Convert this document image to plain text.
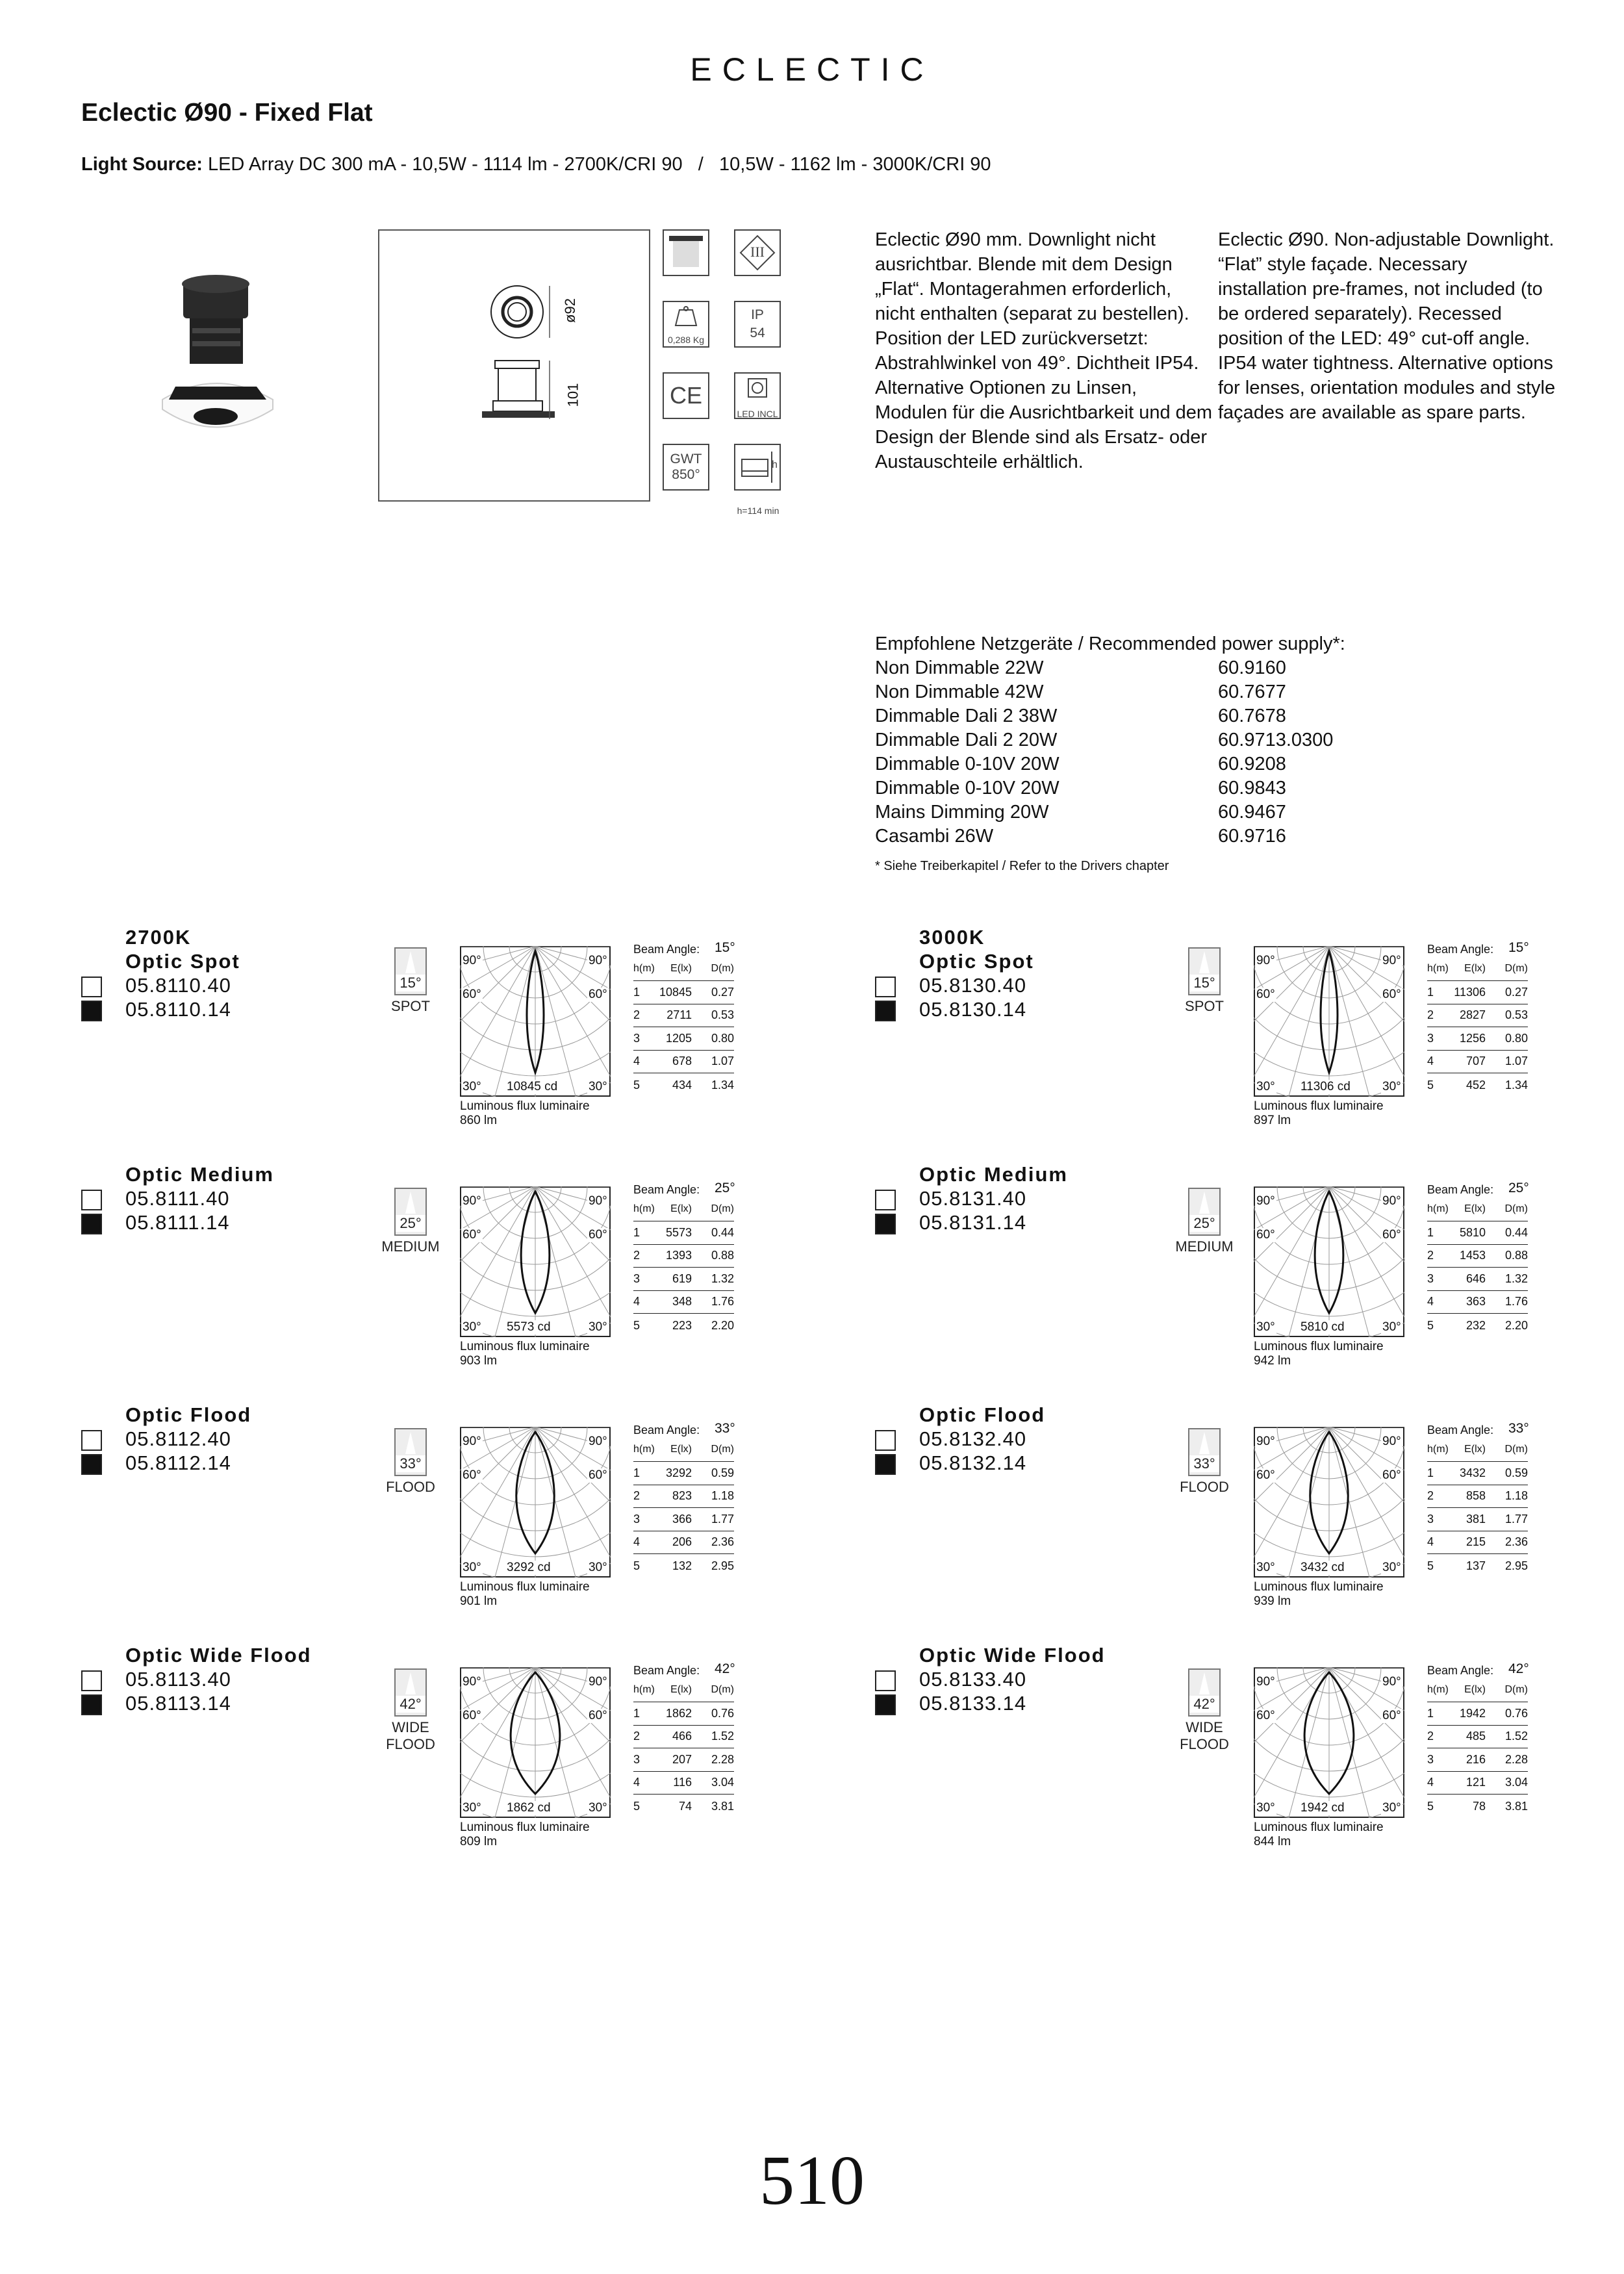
ECLECTIC
Eclectic Ø90 - Fixed Flat
Light Source: LED Array DC 300 mA - 10,5W - 1114 lm - 2700K/CRI 90   /   10,5W - 1162 lm - 3000K/CRI 90
ø92
101
0,288 Kg
CE
GWT
850°
III
IP
54
LED INCL
h
h=114 min
Eclectic Ø90 mm. Downlight nicht ausrichtbar. Blende mit dem Design „Flat“. Montagerahmen erforderlich, nicht enthalten (separat zu bestellen). Position der LED zurückversetzt: Abstrahlwinkel von 49°. Dichtheit IP54. Alternative Optionen zu Linsen, Modulen für die Ausrichtbarkeit und dem Design der Blende sind als Ersatz- oder Austauschteile erhältlich.
Eclectic Ø90. Non-adjustable Downlight. “Flat” style façade. Necessary installation pre-frames, not included (to be ordered separately). Recessed position of the LED: 49° cut-off angle. IP54 water tightness. Alternative options for lenses, orientation modules and style façades are available as spare parts.
Empfohlene Netzgeräte / Recommended power supply*:
Non Dimmable 22W	60.9160
Non Dimmable 42W	60.7677
Dimmable Dali 2 38W	60.7678
Dimmable Dali 2 20W	60.9713.0300
Dimmable 0-10V 20W	60.9208
Dimmable 0-10V 20W	60.9843
Mains Dimming 20W	60.9467
Casambi 26W	60.9716
* Siehe Treiberkapitel / Refer to the Drivers chapter
2700K
Optic Spot
05.8110.40
05.8110.14
15°
SPOT
90°	90°
60°	60°
30°	30°
10845 cd
Luminous flux luminaire
860 lm
Beam Angle: 15°
h(m)	E(lx)	D(m)
1	10845	0.27
2	2711	0.53
3	1205	0.80
4	678	1.07
5	434	1.34
Optic Medium
05.8111.40
05.8111.14	25°
MEDIUM
90°	90°
60°	60°
30°	30°
5573 cd
Luminous flux luminaire
903 lm
Beam Angle: 25°
h(m)	E(lx)	D(m)
1	5573	0.44
2	1393	0.88
3	619	1.32
4	348	1.76
5	223	2.20
Optic Flood
05.8112.40
05.8112.14	33°
FLOOD
90°	90°
60°	60°
30°	30°
3292 cd
Luminous flux luminaire
901 lm
Beam Angle: 33°
h(m)	E(lx)	D(m)
1	3292	0.59
2	823	1.18
3	366	1.77
4	206	2.36
5	132	2.95
Optic Wide Flood
05.8113.40
05.8113.14	42°
WIDE FLOOD
90°	90°
60°	60°
30°	30°
1862 cd
Luminous flux luminaire
809 lm
Beam Angle: 42°
h(m)	E(lx)	D(m)
1	1862	0.76
2	466	1.52
3	207	2.28
4	116	3.04
5	74	3.81
3000K
Optic Spot
05.8130.40
05.8130.14
15°
SPOT
90°	90°
60°	60°
30°	30°
11306 cd
Luminous flux luminaire
897 lm
Beam Angle: 15°
h(m)	E(lx)	D(m)
1	11306	0.27
2	2827	0.53
3	1256	0.80
4	707	1.07
5	452	1.34
Optic Medium
05.8131.40
05.8131.14	25°
MEDIUM
90°	90°
60°	60°
30°	30°
5810 cd
Luminous flux luminaire
942 lm
Beam Angle: 25°
h(m)	E(lx)	D(m)
1	5810	0.44
2	1453	0.88
3	646	1.32
4	363	1.76
5	232	2.20
Optic Flood
05.8132.40
05.8132.14	33°
FLOOD
90°	90°
60°	60°
30°	30°
3432 cd
Luminous flux luminaire
939 lm
Beam Angle: 33°
h(m)	E(lx)	D(m)
1	3432	0.59
2	858	1.18
3	381	1.77
4	215	2.36
5	137	2.95
Optic Wide Flood
05.8133.40
05.8133.14	42°
WIDE FLOOD
90°	90°
60°	60°
30°	30°
1942 cd
Luminous flux luminaire
844 lm
Beam Angle: 42°
h(m)	E(lx)	D(m)
1	1942	0.76
2	485	1.52
3	216	2.28
4	121	3.04
5	78	3.81
510
